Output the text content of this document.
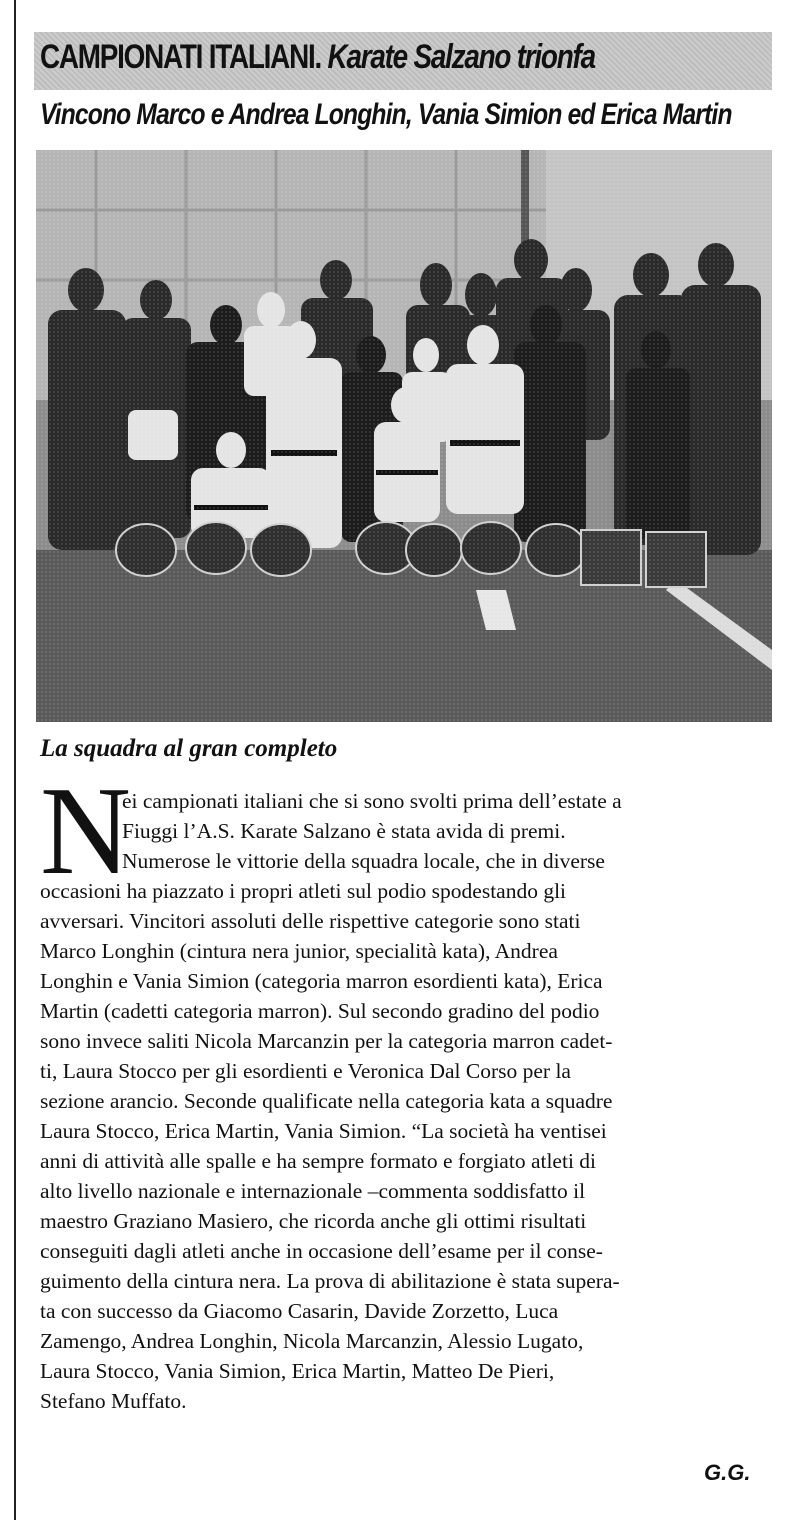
CAMPIONATI ITALIANI. Karate Salzano trionfa
Vincono Marco e Andrea Longhin, Vania Simion ed Erica Martin

La squadra al gran completo

N

ei campionati italiani che si sono svolti prima dell’estate a

Fiuggi l’A.S. Karate Salzano è stata avida di premi.

Numerose le vittorie della squadra locale, che in diverse

occasioni ha piazzato i propri atleti sul podio spodestando gli

avversari. Vincitori assoluti delle rispettive categorie sono stati

Marco Longhin (cintura nera junior, specialità kata), Andrea

Longhin e Vania Simion (categoria marron esordienti kata), Erica

Martin (cadetti categoria marron). Sul secondo gradino del podio

sono invece saliti Nicola Marcanzin per la categoria marron cadet-

ti, Laura Stocco per gli esordienti e Veronica Dal Corso per la

sezione arancio. Seconde qualificate nella categoria kata a squadre

Laura Stocco, Erica Martin, Vania Simion. “La società ha ventisei

anni di attività alle spalle e ha sempre formato e forgiato atleti di

alto livello nazionale e internazionale –commenta soddisfatto il

maestro Graziano Masiero, che ricorda anche gli ottimi risultati

conseguiti dagli atleti anche in occasione dell’esame per il conse-

guimento della cintura nera. La prova di abilitazione è stata supera-

ta con successo da Giacomo Casarin, Davide Zorzetto, Luca

Zamengo, Andrea Longhin, Nicola Marcanzin, Alessio Lugato,

Laura Stocco, Vania Simion, Erica Martin, Matteo De Pieri,

Stefano Muffato.

G.G.
